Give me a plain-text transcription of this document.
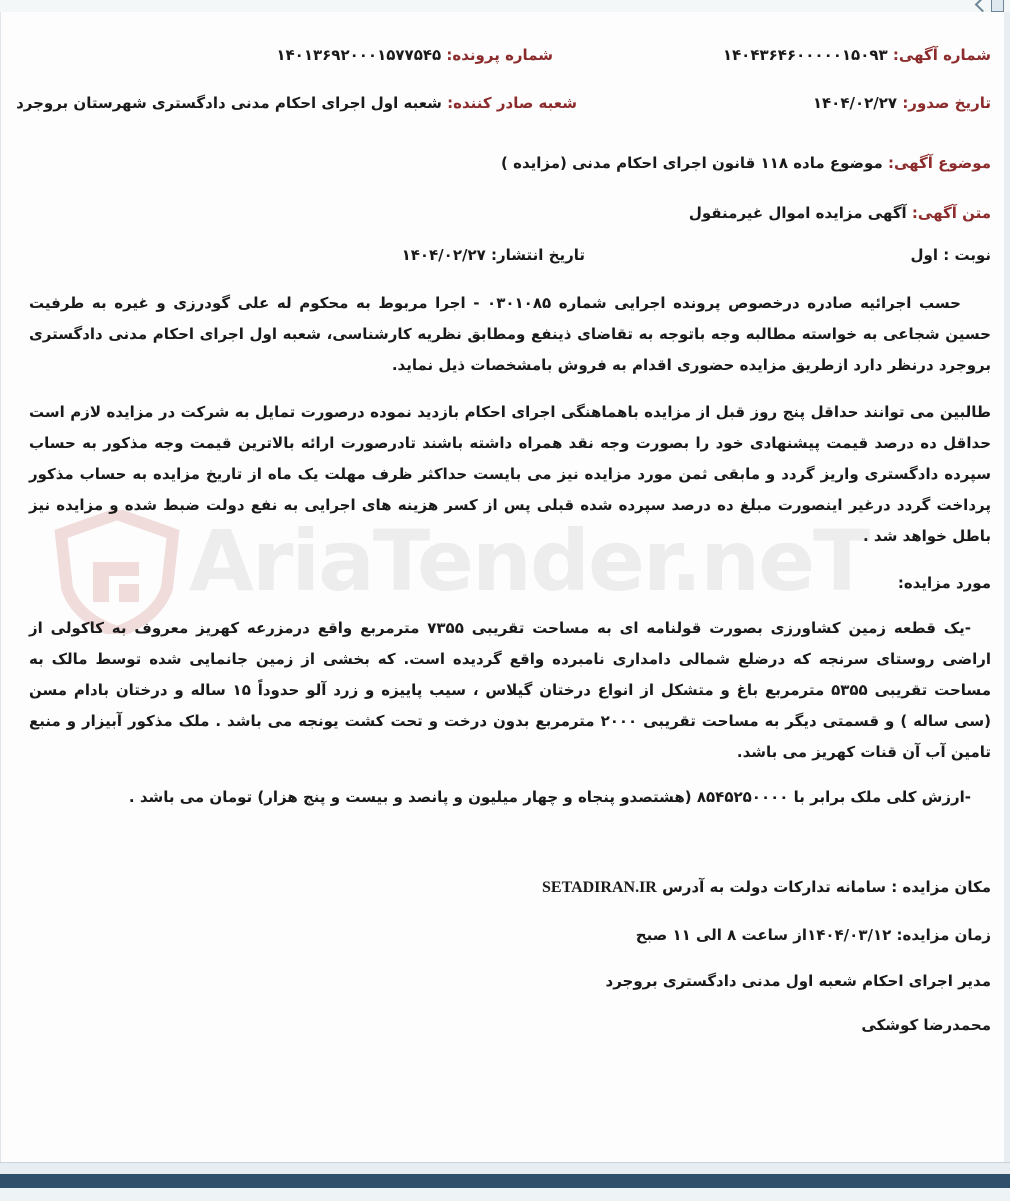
AriaTender.neT
شماره آگهی: ۱۴۰۴۳۶۴۶۰۰۰۰۰۱۵۰۹۳
شماره پرونده: ۱۴۰۱۳۶۹۲۰۰۰۱۵۷۷۵۴۵
تاریخ صدور: ۱۴۰۴/۰۲/۲۷
شعبه صادر کننده: شعبه اول اجرای احکام مدنی دادگستری شهرستان بروجرد
موضوع آگهی: موضوع ماده ۱۱۸ قانون اجرای احکام مدنی (مزایده )
متن آگهی: آگهی مزایده اموال غیرمنقول
نوبت : اول
تاریخ انتشار: ۱۴۰۴/۰۲/۲۷
حسب اجرائیه صادره درخصوص پرونده اجرایی شماره ۰۳۰۱۰۸۵ - اجرا مربوط به محکوم له علی گودرزی و غیره به طرفیت حسین شجاعی به خواسته مطالبه وجه باتوجه به تقاضای ذینفع ومطابق نظریه کارشناسی، شعبه اول اجرای احکام مدنی دادگستری بروجرد درنظر دارد ازطریق مزایده حضوری اقدام به فروش بامشخصات ذیل نماید.
طالبین می توانند حداقل پنج روز قبل از مزایده باهماهنگی اجرای احکام بازدید نموده درصورت تمایل به شرکت در مزایده لازم است حداقل ده درصد قیمت پیشنهادی خود را بصورت وجه نقد همراه داشته باشند تادرصورت ارائه بالاترین قیمت وجه مذکور به حساب سپرده دادگستری واریز گردد و مابقی ثمن مورد مزایده نیز می بایست حداکثر ظرف مهلت یک ماه از تاریخ مزایده به حساب مذکور پرداخت گردد درغیر اینصورت مبلغ ده درصد سپرده شده قبلی پس از کسر هزینه های اجرایی به نفع دولت ضبط شده و مزایده نیز باطل خواهد شد .
مورد مزایده:
-یک قطعه زمین کشاورزی بصورت قولنامه ای به مساحت تقریبی ۷۳۵۵ مترمربع واقع درمزرعه کهریز معروف به کاکولی از اراضی روستای سرنجه که درضلع شمالی دامداری نامبرده واقع گردیده است. که بخشی از زمین جانمایی شده توسط مالک به مساحت تقریبی ۵۳۵۵ مترمربع باغ و متشکل از انواع درختان گیلاس ، سیب پاییزه و زرد آلو حدوداً ۱۵ ساله و درختان بادام مسن (سی ساله ) و قسمتی دیگر به مساحت تقریبی ۲۰۰۰ مترمربع بدون درخت و تحت کشت یونجه می باشد . ملک مذکور آبیزار و منبع تامین آب آن قنات کهریز می باشد.
-ارزش کلی ملک برابر با ۸۵۴۵۲۵۰۰۰۰ (هشتصدو پنجاه و چهار میلیون و پانصد و بیست و پنج هزار) تومان می باشد .
مکان مزایده : سامانه تدارکات دولت به آدرس SETADIRAN.IR
زمان مزایده: ۱۴۰۴/۰۳/۱۲از ساعت ۸ الی ۱۱ صبح
مدیر اجرای احکام شعبه اول مدنی دادگستری بروجرد
محمدرضا کوشکی
